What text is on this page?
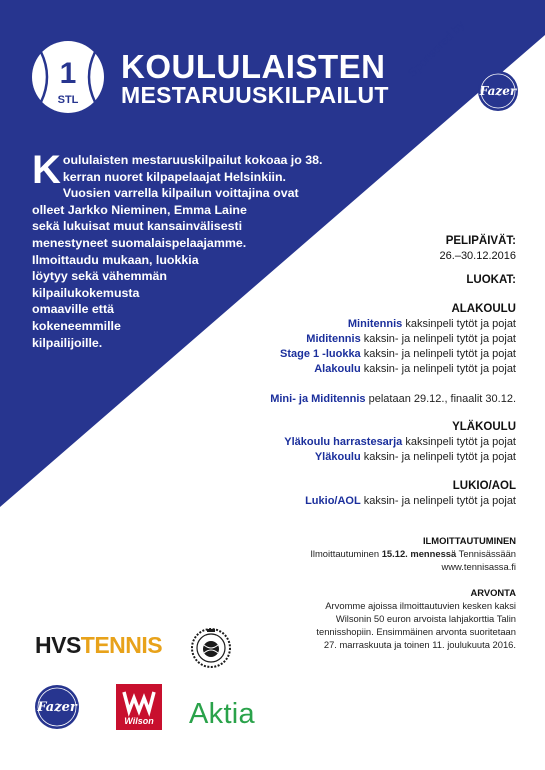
1
STL
KOULULAISTEN
MESTARUUSKILPAILUT
Sponsored by
Fazer
K oululaisten mestaruuskilpailut kokoaa jo 38.
kerran nuoret kilpapelaajat Helsinkiin.
Vuosien varrella kilpailun voittajina ovat
olleet Jarkko Nieminen, Emma Laine
sekä lukuisat muut kansainvälisesti
menestyneet suomalaispelaajamme.
Ilmoittaudu mukaan, luokkia
löytyy sekä vähemmän
kilpailukokemusta
omaaville että
kokeneemmille
kilpailijoille.
PELIPÄIVÄT:
26.–30.12.2016
LUOKAT:
ALAKOULU
Minitennis kaksinpeli tytöt ja pojat
Miditennis kaksin- ja nelinpeli tytöt ja pojat
Stage 1 -luokka kaksin- ja nelinpeli tytöt ja pojat
Alakoulu kaksin- ja nelinpeli tytöt ja pojat
Mini- ja Miditennis pelataan 29.12., finaalit 30.12.
YLÄKOULU
Yläkoulu harrastesarja kaksinpeli tytöt ja pojat
Yläkoulu kaksin- ja nelinpeli tytöt ja pojat
LUKIO/AOL
Lukio/AOL kaksin- ja nelinpeli tytöt ja pojat
ILMOITTAUTUMINEN
Ilmoittautuminen 15.12. mennessä Tennisässään
www.tennisassa.fi
ARVONTA
Arvomme ajoissa ilmoittautuvien kesken kaksi
Wilsonin 50 euron arvoista lahjakorttia Talin
tennisshopiin. Ensimmäinen arvonta suoritetaan
27. marraskuuta ja toinen 11. joulukuuta 2016.
HVSTENNIS
Fazer
Wilson Aktia
